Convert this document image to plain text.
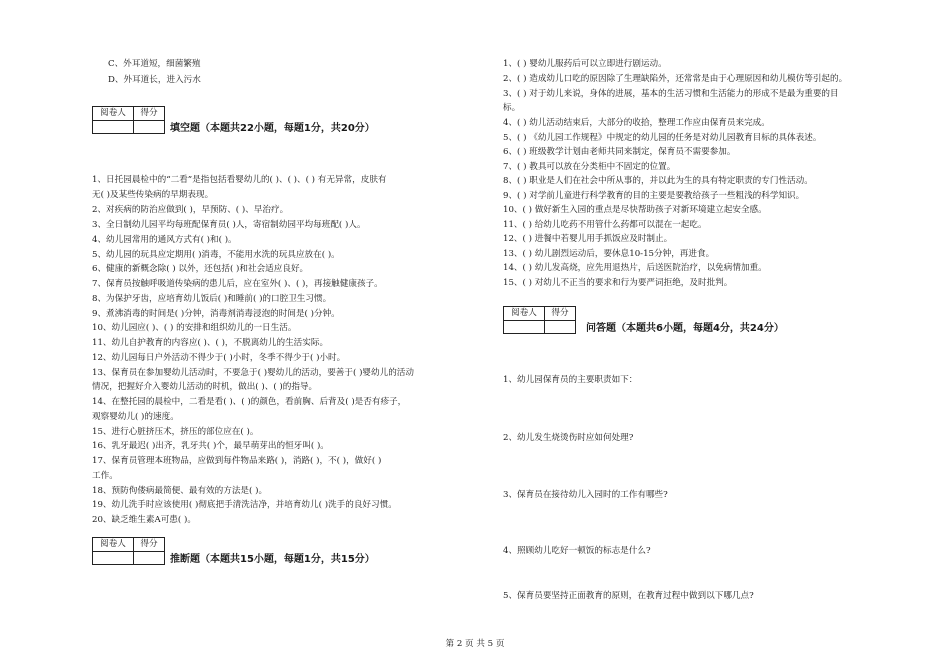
C、外耳道短，细菌繁殖
D、外耳道长，进入污水
阅卷人	得分

填空题（本题共22小题，每题1分，共20分）
1、日托园晨检中的“二看”是指包括看婴幼儿的( )、( )、( ) 有无异常，皮肤有
无( )及某些传染病的早期表现。
2、对疾病的防治应做到( )，早预防、( )、早治疗。
3、全日制幼儿园平均每班配保育员( )人，寄宿制幼园平均每班配( )人。
4、幼儿园常用的通风方式有( )和( )。
5、幼儿园的玩具应定期用( )消毒，不能用水洗的玩具应放在( )。
6、健康的新概念除( ) 以外，还包括( )和社会适应良好。
7、保育员按触呼吸道传染病的患儿后，应在室外( )、( )，再接触健康孩子。
8、为保护牙齿，应培育幼儿饭后( )和睡前( )的口腔卫生习惯。
9、煮沸消毒的时间是( )分钟，消毒剂消毒浸泡的时间是( )分钟。
10、幼儿园应( )、( ) 的安排和组织幼儿的一日生活。
11、幼儿自护教育的内容应( )、( )，不脱离幼儿的生活实际。
12、幼儿园每日户外活动不得少于( )小时，冬季不得少于( )小时。
13、保育员在参加婴幼儿活动时，不要急于( )婴幼儿的活动，要善于( )婴幼儿的活动
情况，把握好介入婴幼儿活动的时机，做出( )、( )的指导。
14、在整托园的晨检中，二看是看( )、( )的颜色，看前胸、后背及( )是否有疹子，
观察婴幼儿( )的速度。
15、进行心脏挤压术，挤压的部位应在( )。
16、乳牙最迟( )出齐，乳牙共( )个，最早萌芽出的恒牙叫( )。
17、保育员管理本班物品，应做到每件物品来路( )，消路( )，不( )，做好( )
工作。
18、预防佝偻病最简便、最有效的方法是( )。
19、幼儿洗手时应该使用( )彻底把手清洗洁净，并培育幼儿( )洗手的良好习惯。
20、缺乏维生素A可患( )。
阅卷人	得分

推断题（本题共15小题，每题1分，共15分）
1、( ) 婴幼儿服药后可以立即进行剧运动。
2、( ) 造成幼儿口吃的原因除了生理缺陷外，还常常是由于心理原因和幼儿模仿等引起的。
3、( ) 对于幼儿来说，身体的进展，基本的生活习惯和生活能力的形成不是最为重要的目
标。
4、( ) 幼儿活动结束后，大部分的收拾，整理工作应由保育员来完成。
5、( ) 《幼儿园工作规程》中规定的幼儿园的任务是对幼儿园教育目标的具体表述。
6、( ) 班级教学计划由老师共同来制定，保育员不需要参加。
7、( ) 教具可以放在分类柜中不固定的位置。
8、( ) 职业是人们在社会中所从事的，并以此为生的具有特定职责的专门性活动。
9、( ) 对学前儿童进行科学教育的目的主要是要教给孩子一些粗浅的科学知识。
10、( ) 做好新生入园的重点是尽快帮助孩子对新环境建立起安全感。
11、( ) 给幼儿吃药不用管什么药都可以混在一起吃。
12、( ) 进餐中若婴儿用手抓饭应及时制止。
13、( ) 幼儿剧烈运动后，要休息10-15分钟，再进食。
14、( ) 幼儿发高烧，应先用退热片，后送医院治疗，以免病情加重。
15、( ) 对幼儿不正当的要求和行为要严词拒绝，及时批判。
阅卷人	得分

问答题（本题共6小题，每题4分，共24分）
1、幼儿园保育员的主要职责如下：
2、幼儿发生烧烫伤时应如何处理?
3、保育员在接待幼儿入园时的工作有哪些?
4、照顾幼儿吃好一顿饭的标志是什么?
5、保育员要坚持正面教育的原则，在教育过程中做到以下哪几点?
第 2 页 共 5 页
